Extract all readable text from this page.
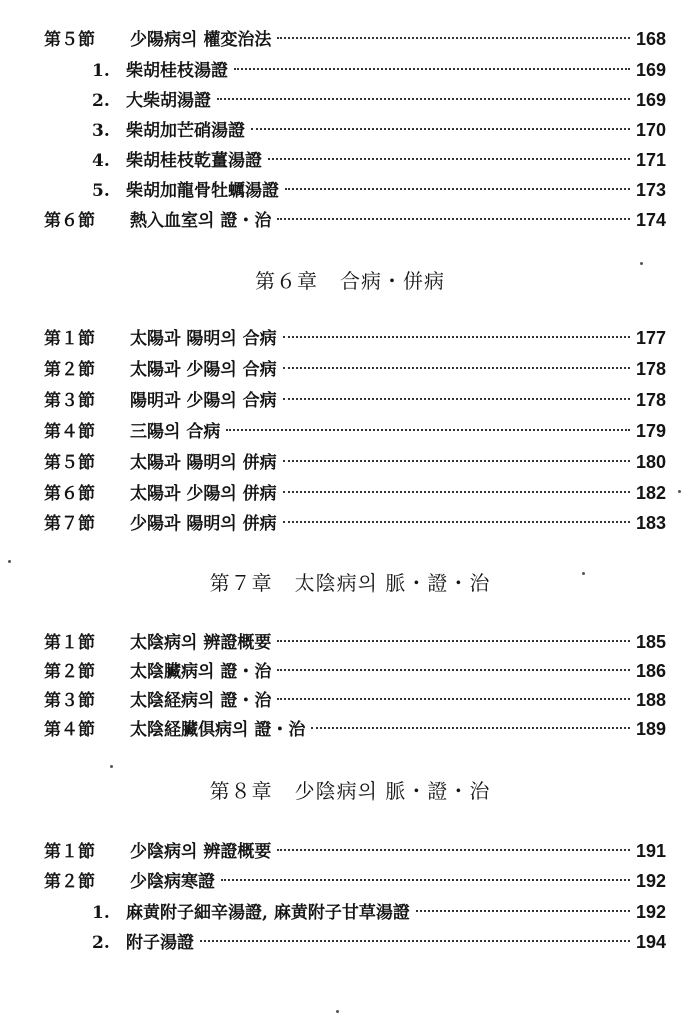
第５節	少陽病의 權変治法	168
1. 柴胡桂枝湯證	169
2. 大柴胡湯證	169
3. 柴胡加芒硝湯證	170
4. 柴胡桂枝乾薑湯證	171
5. 柴胡加龍骨牡蠣湯證	173
第６節	熱入血室의 證・治	174
第６章 合病・併病
第１節	太陽과 陽明의 合病	177
第２節	太陽과 少陽의 合病	178
第３節	陽明과 少陽의 合病	178
第４節	三陽의 合病	179
第５節	太陽과 陽明의 併病	180
第６節	太陽과 少陽의 併病	182
第７節	少陽과 陽明의 併病	183
第７章 太陰病의 脈・證・治
第１節	太陰病의 辨證概要	185
第２節	太陰臟病의 證・治	186
第３節	太陰経病의 證・治	188
第４節	太陰経臟倶病의 證・治	189
第８章 少陰病의 脈・證・治
第１節	少陰病의 辨證概要	191
第２節	少陰病寒證	192
1. 麻黄附子細辛湯證, 麻黄附子甘草湯證	192
2. 附子湯證	194
